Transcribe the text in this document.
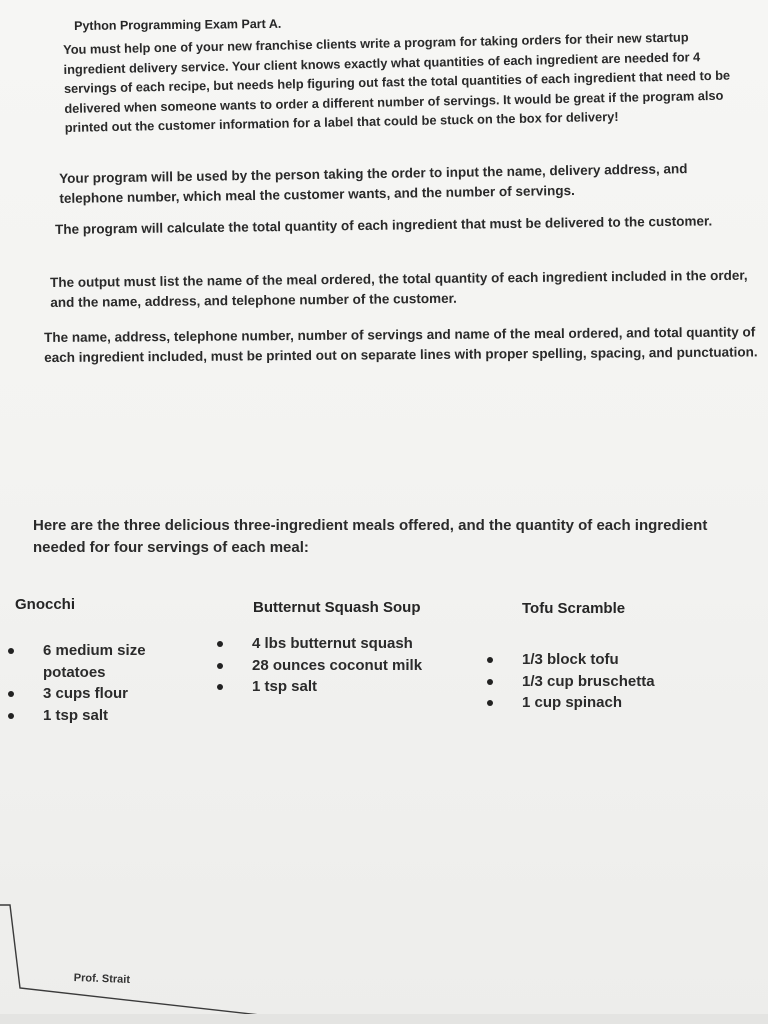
Python Programming Exam Part A.

You must help one of your new franchise clients write a program for taking orders for their new startup ingredient delivery service. Your client knows exactly what quantities of each ingredient are needed for 4 servings of each recipe, but needs help figuring out fast the total quantities of each ingredient that need to be delivered when someone wants to order a different number of servings. It would be great if the program also printed out the customer information for a label that could be stuck on the box for delivery!

Your program will be used by the person taking the order to input the name, delivery address, and telephone number, which meal the customer wants, and the number of servings.

The program will calculate the total quantity of each ingredient that must be delivered to the customer.

The output must list the name of the meal ordered, the total quantity of each ingredient included in the order, and the name, address, and telephone number of the customer.

The name, address, telephone number, number of servings and name of the meal ordered, and total quantity of each ingredient included, must be printed out on separate lines with proper spelling, spacing, and punctuation.

Here are the three delicious three-ingredient meals offered, and the quantity of each ingredient needed for four servings of each meal:

Gnocchi
6 medium size potatoes
3 cups flour
1 tsp salt
Butternut Squash Soup
4 lbs butternut squash
28 ounces coconut milk
1 tsp salt
Tofu Scramble
1/3 block tofu
1/3 cup bruschetta
1 cup spinach
Prof. Strait
